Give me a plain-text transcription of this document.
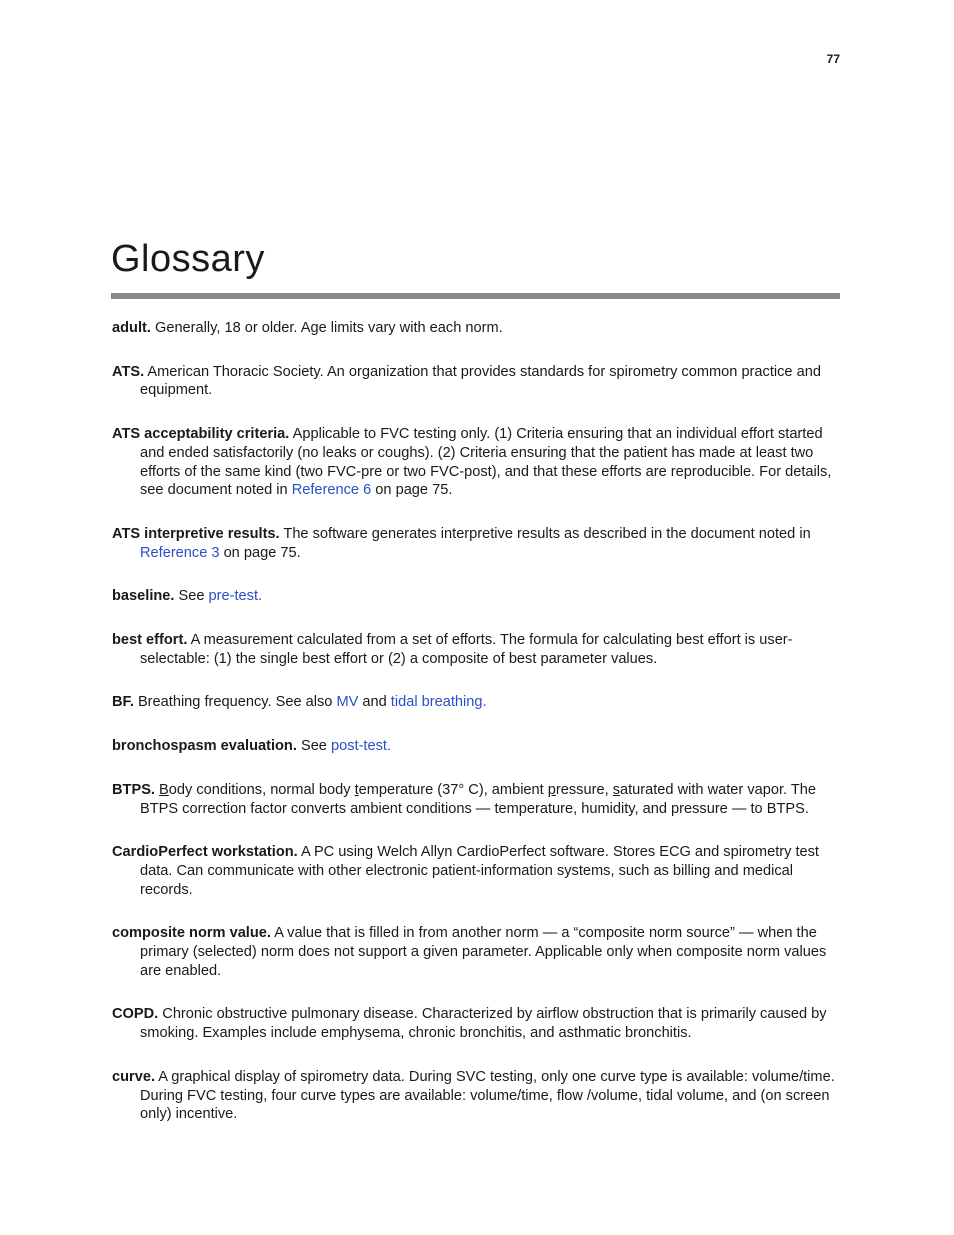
77
Glossary

adult. Generally, 18 or older. Age limits vary with each norm.

ATS. American Thoracic Society. An organization that provides standards for spirometry common practice and equipment.

ATS acceptability criteria. Applicable to FVC testing only. (1) Criteria ensuring that an individual effort started and ended satisfactorily (no leaks or coughs). (2) Criteria ensuring that the patient has made at least two efforts of the same kind (two FVC-pre or two FVC-post), and that these efforts are reproducible. For details, see document noted in Reference 6 on page 75.

ATS interpretive results. The software generates interpretive results as described in the document noted in Reference 3 on page 75.

baseline. See pre-test.

best effort. A measurement calculated from a set of efforts. The formula for calculating best effort is user-selectable: (1) the single best effort or (2) a composite of best parameter values.

BF. Breathing frequency. See also MV and tidal breathing.

bronchospasm evaluation. See post-test.

BTPS. Body conditions, normal body temperature (37° C), ambient pressure, saturated with water vapor. The BTPS correction factor converts ambient conditions — temperature, humidity, and pressure — to BTPS.

CardioPerfect workstation. A PC using Welch Allyn CardioPerfect software. Stores ECG and spirometry test data. Can communicate with other electronic patient-information systems, such as billing and medical records.

composite norm value. A value that is filled in from another norm — a “composite norm source” — when the primary (selected) norm does not support a given parameter. Applicable only when composite norm values are enabled.

COPD. Chronic obstructive pulmonary disease. Characterized by airflow obstruction that is primarily caused by smoking. Examples include emphysema, chronic bronchitis, and asthmatic bronchitis.

curve. A graphical display of spirometry data. During SVC testing, only one curve type is available: volume/time. During FVC testing, four curve types are available: volume/time, flow /volume, tidal volume, and (on screen only) incentive.
